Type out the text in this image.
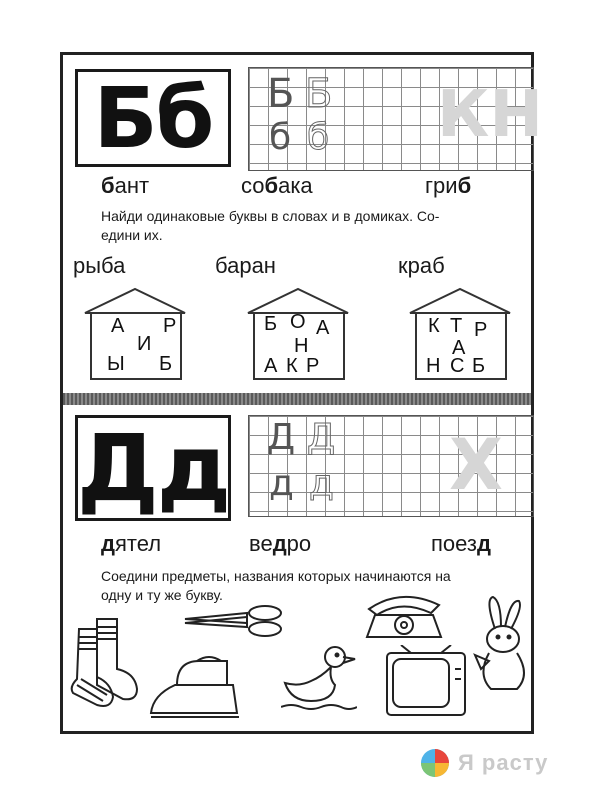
Бб	КН
Б Б
б б
бант	собака	гриб
Найди одинаковые буквы в словах и в домиках. Со-
едини их.
рыба	баран	краб
А Р
И
Ы Б
Б О А
Н
А К Р
К Т Р
А
Н С Б
Дд	Х
Д Д
д д
дятел	ведро	поезд
Соедини предметы, названия которых начинаются на
одну и ту же букву.
Я расту
